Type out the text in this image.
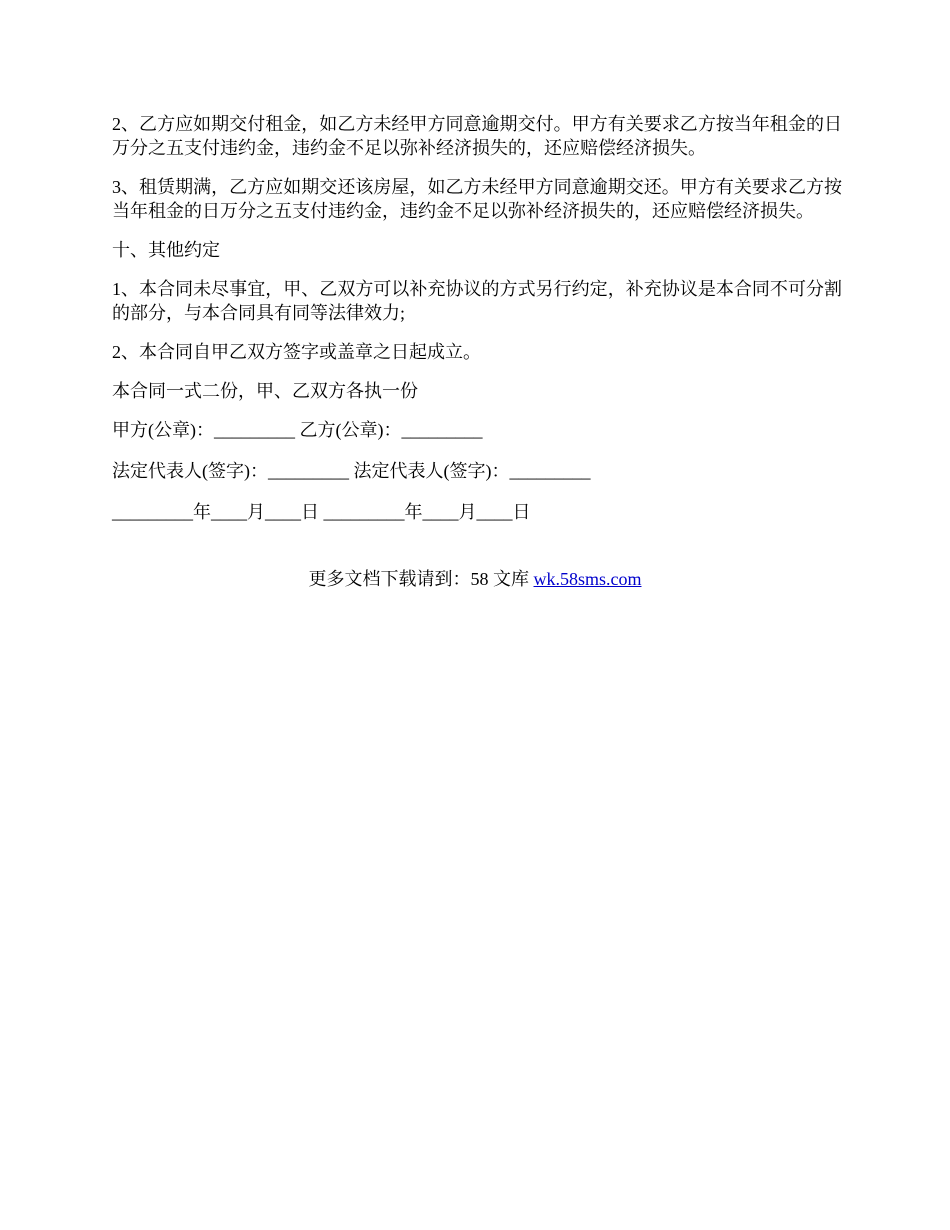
2、乙方应如期交付租金，如乙方未经甲方同意逾期交付。甲方有关要求乙方按当年租金的日万分之五支付违约金，违约金不足以弥补经济损失的，还应赔偿经济损失。

3、租赁期满，乙方应如期交还该房屋，如乙方未经甲方同意逾期交还。甲方有关要求乙方按当年租金的日万分之五支付违约金，违约金不足以弥补经济损失的，还应赔偿经济损失。

十、其他约定

1、本合同未尽事宜，甲、乙双方可以补充协议的方式另行约定，补充协议是本合同不可分割的部分，与本合同具有同等法律效力;

2、本合同自甲乙双方签字或盖章之日起成立。

本合同一式二份，甲、乙双方各执一份

甲方(公章)：_________ 乙方(公章)：_________

法定代表人(签字)：_________ 法定代表人(签字)：_________

_________年____月____日 _________年____月____日

更多文档下载请到：58 文库 wk.58sms.com
